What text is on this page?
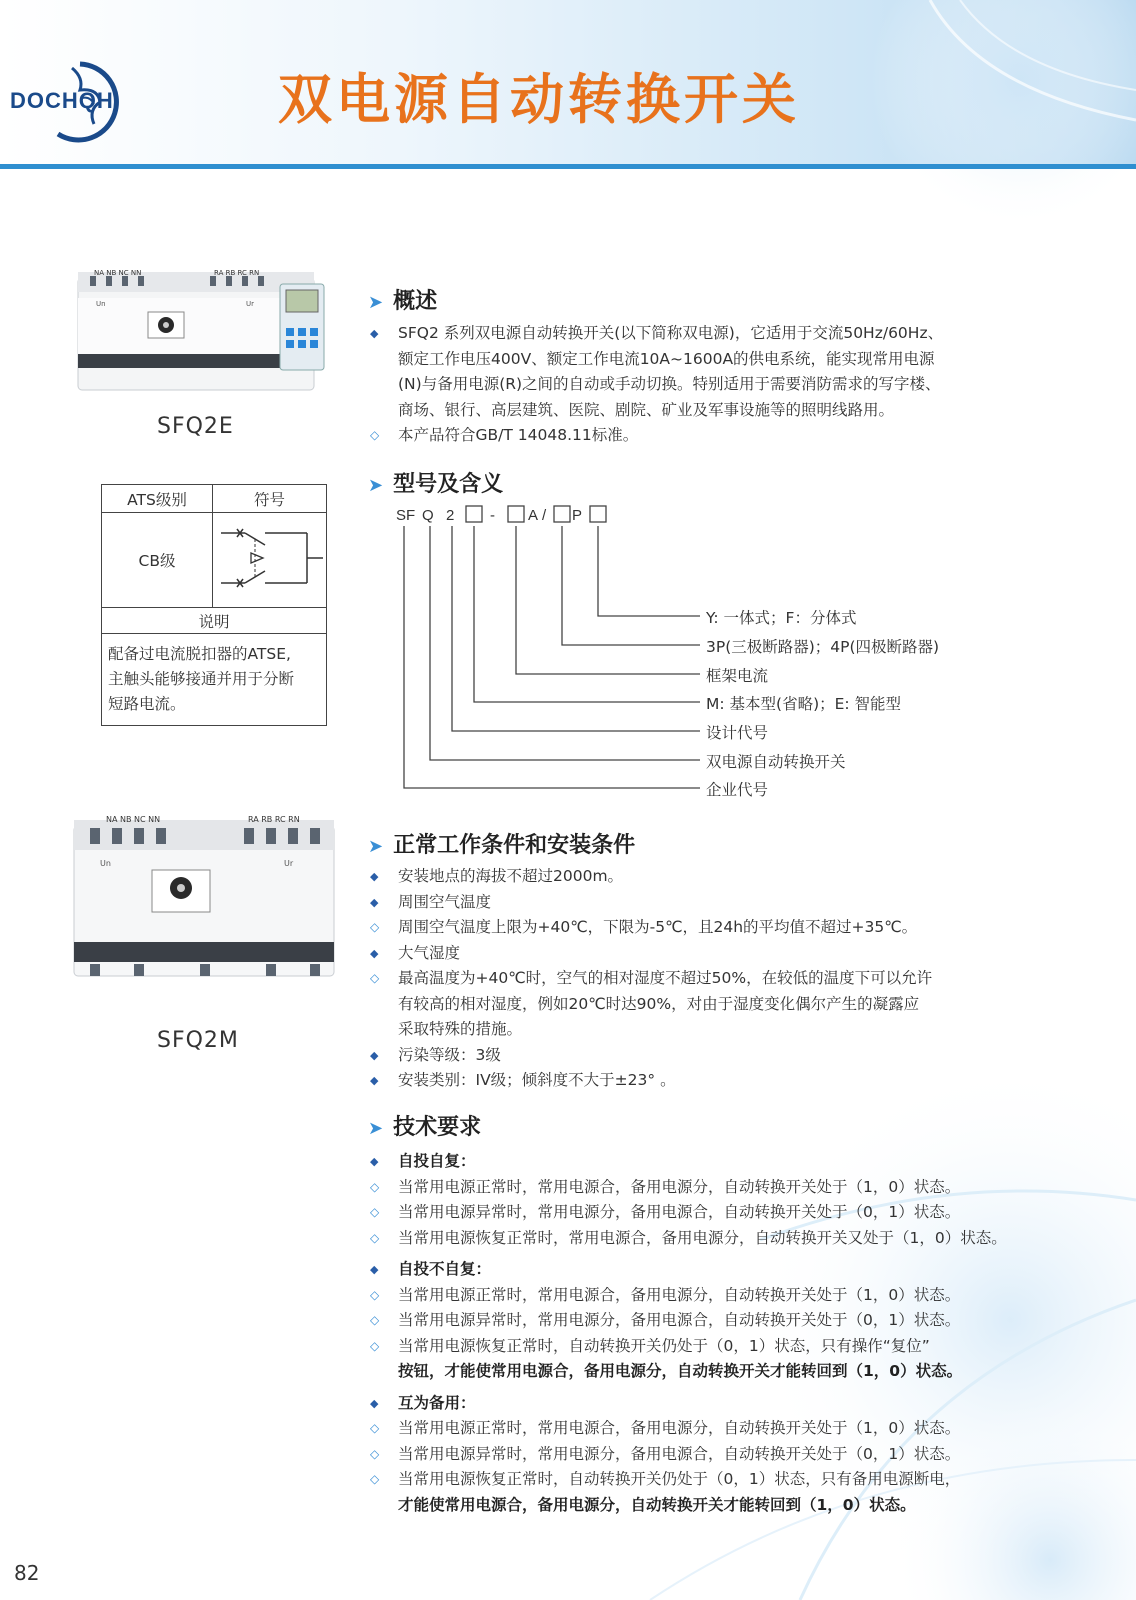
DOCHQH	双电源自动转换开关
NA NB NC NN	RA RB RC RN
Un	Ur
SFQ2E
ATS级别	符号
CB级	
说明	

配备过电流脱扣器的ATSE,
主触头能够接通并用于分断
短路电流。	
NA NB NC NN	RA RB RC RN
Un	Ur
SFQ2M
➤ 概述
◆	SFQ2 系列双电源自动转换开关(以下简称双电源)，它适用于交流50Hz/60Hz、
额定工作电压400V、额定工作电流10A~1600A的供电系统，能实现常用电源
(N)与备用电源(R)之间的自动或手动切换。特别适用于需要消防需求的写字楼、
商场、银行、高层建筑、医院、剧院、矿业及军事设施等的照明线路用。
◇	本产品符合GB/T 14048.11标准。
➤ 型号及含义
SF Q 2 - A / P
Y: 一体式；F：分体式
3P(三极断路器)；4P(四极断路器)
框架电流
M: 基本型(省略)；E: 智能型
设计代号
双电源自动转换开关
企业代号
➤ 正常工作条件和安装条件
◆	安装地点的海拔不超过2000m。
◆	周围空气温度
◇	周围空气温度上限为+40℃，下限为-5℃，且24h的平均值不超过+35℃。
◆	大气湿度
◇	最高温度为+40℃时，空气的相对湿度不超过50%，在较低的温度下可以允许
有较高的相对湿度，例如20℃时达90%，对由于湿度变化偶尔产生的凝露应
采取特殊的措施。
◆	污染等级：3级
◆	安装类别：IV级；倾斜度不大于±23° 。
➤ 技术要求
◆	自投自复：
◇	当常用电源正常时，常用电源合，备用电源分，自动转换开关处于（1，0）状态。
◇	当常用电源异常时，常用电源分，备用电源合，自动转换开关处于（0，1）状态。
◇	当常用电源恢复正常时，常用电源合，备用电源分，自动转换开关又处于（1，0）状态。
◆	自投不自复：
◇	当常用电源正常时，常用电源合，备用电源分，自动转换开关处于（1，0）状态。
◇	当常用电源异常时，常用电源分，备用电源合，自动转换开关处于（0，1）状态。
◇	当常用电源恢复正常时，自动转换开关仍处于（0，1）状态，只有操作“复位”
按钮，才能使常用电源合，备用电源分，自动转换开关才能转回到（1，0）状态。
◆	互为备用：
◇	当常用电源正常时，常用电源合，备用电源分，自动转换开关处于（1，0）状态。
◇	当常用电源异常时，常用电源分，备用电源合，自动转换开关处于（0，1）状态。
◇	当常用电源恢复正常时，自动转换开关仍处于（0，1）状态，只有备用电源断电，
才能使常用电源合，备用电源分，自动转换开关才能转回到（1，0）状态。
82
